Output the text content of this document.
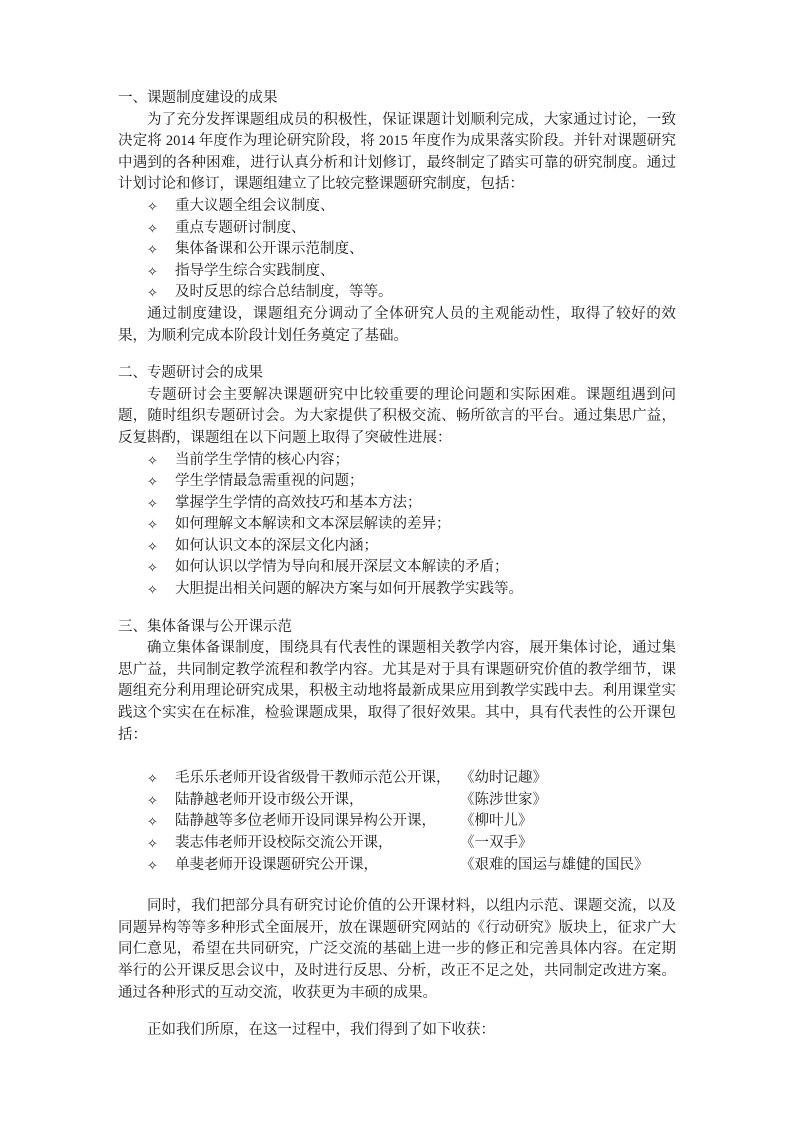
一、课题制度建设的成果

为了充分发挥课题组成员的积极性，保证课题计划顺利完成，大家通过讨论，一致决定将 2014 年度作为理论研究阶段，将 2015 年度作为成果落实阶段。并针对课题研究中遇到的各种困难，进行认真分析和计划修订，最终制定了踏实可靠的研究制度。通过计划讨论和修订，课题组建立了比较完整课题研究制度，包括：

✧	重大议题全组会议制度、
✧	重点专题研讨制度、
✧	集体备课和公开课示范制度、
✧	指导学生综合实践制度、
✧	及时反思的综合总结制度，等等。

通过制度建设，课题组充分调动了全体研究人员的主观能动性，取得了较好的效果，为顺利完成本阶段计划任务奠定了基础。

二、专题研讨会的成果

专题研讨会主要解决课题研究中比较重要的理论问题和实际困难。课题组遇到问题，随时组织专题研讨会。为大家提供了积极交流、畅所欲言的平台。通过集思广益，反复斟酌，课题组在以下问题上取得了突破性进展：

✧	当前学生学情的核心内容；
✧	学生学情最急需重视的问题；
✧	掌握学生学情的高效技巧和基本方法；
✧	如何理解文本解读和文本深层解读的差异；
✧	如何认识文本的深层文化内涵；
✧	如何认识以学情为导向和展开深层文本解读的矛盾；
✧	大胆提出相关问题的解决方案与如何开展教学实践等。
三、集体备课与公开课示范

确立集体备课制度，围绕具有代表性的课题相关教学内容，展开集体讨论，通过集思广益，共同制定教学流程和教学内容。尤其是对于具有课题研究价值的教学细节，课题组充分利用理论研究成果，积极主动地将最新成果应用到教学实践中去。利用课堂实践这个实实在在标准，检验课题成果，取得了很好效果。其中，具有代表性的公开课包括：

✧	毛乐乐老师开设省级骨干教师示范公开课， 《幼时记趣》
✧	陆静越老师开设市级公开课，	《陈涉世家》
✧	陆静越等多位老师开设同课异构公开课， 《柳叶儿》
✧	裴志伟老师开设校际交流公开课，	《一双手》
✧	单斐老师开设课题研究公开课，	《艰难的国运与雄健的国民》

同时，我们把部分具有研究讨论价值的公开课材料，以组内示范、课题交流，以及同题异构等等多种形式全面展开，放在课题研究网站的《行动研究》版块上，征求广大同仁意见，希望在共同研究，广泛交流的基础上进一步的修正和完善具体内容。在定期举行的公开课反思会议中，及时进行反思、分析，改正不足之处，共同制定改进方案。通过各种形式的互动交流，收获更为丰硕的成果。

正如我们所原，在这一过程中，我们得到了如下收获：
